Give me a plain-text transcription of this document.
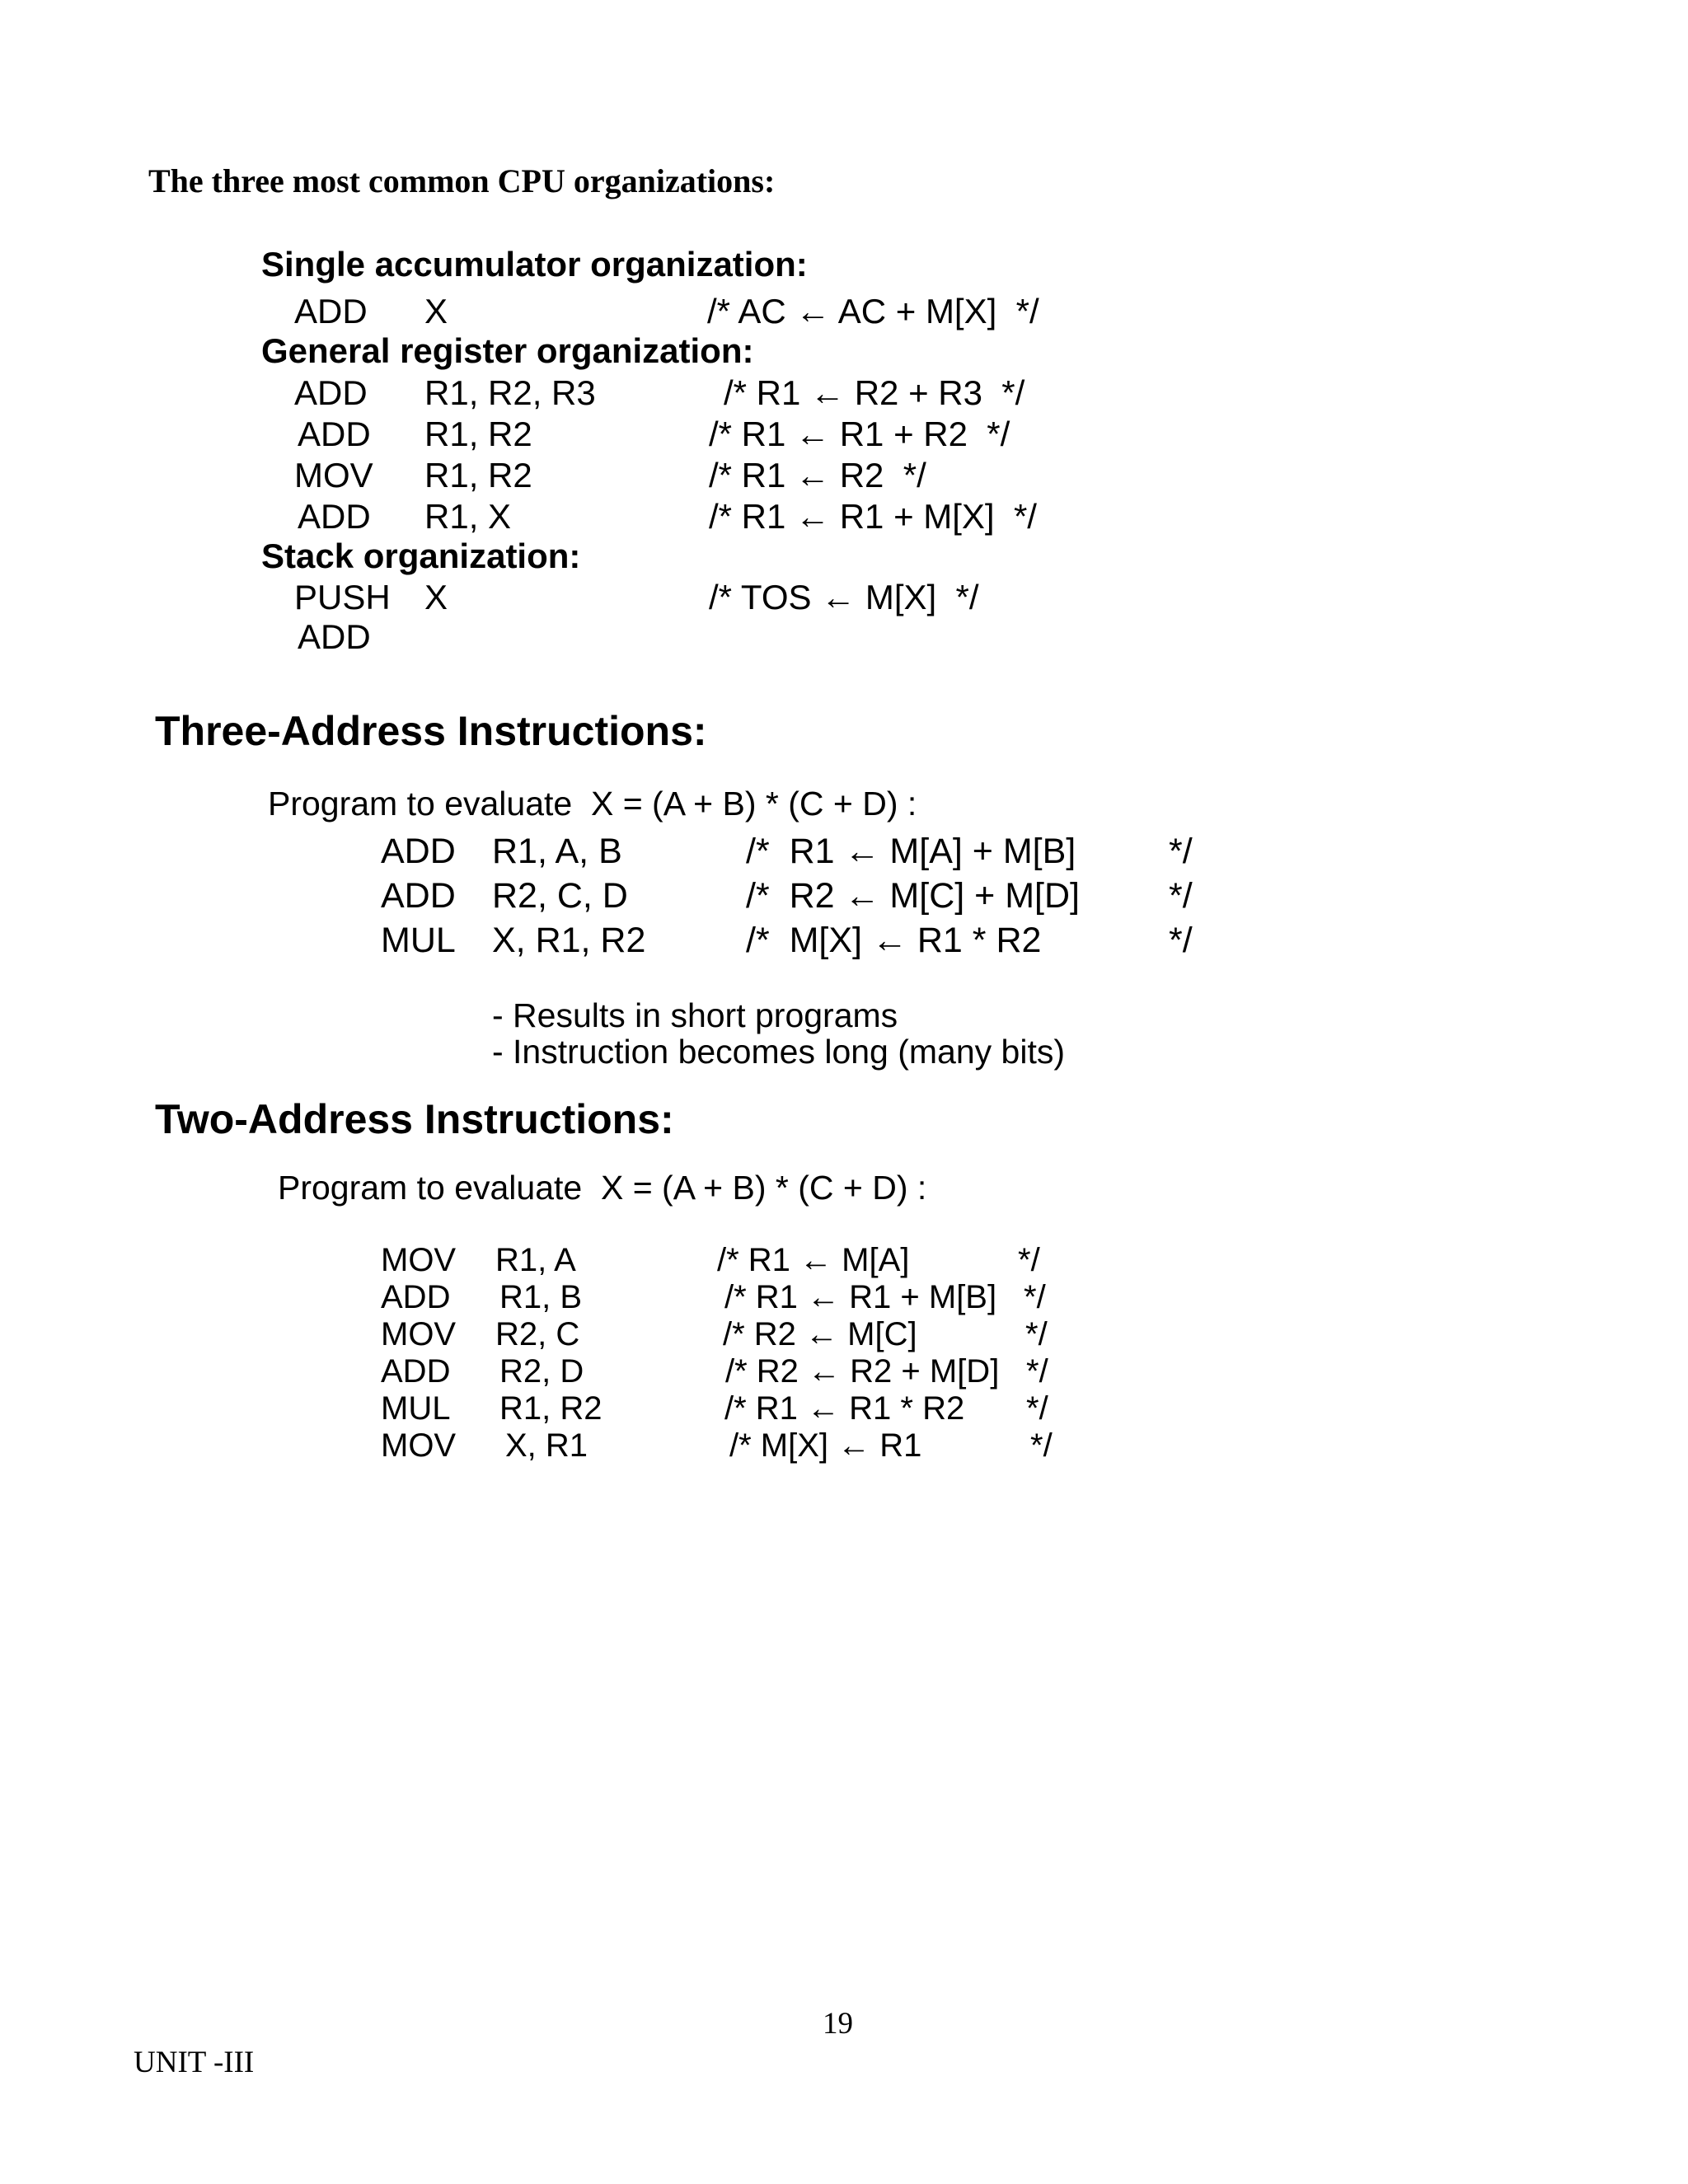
The three most common CPU organizations:
Single accumulator organization:
ADD X	/* AC ← AC + M[X]  */
General register organization:
ADD R1, R2, R3	/* R1 ← R2 + R3  */
ADD R1, R2	/* R1 ← R1 + R2  */
MOV R1, R2	/* R1 ← R2  */
ADD R1, X	/* R1 ← R1 + M[X]  */
Stack organization:
PUSH X	/* TOS ← M[X]  */
ADD
Three-Address Instructions:
Program to evaluate  X = (A + B) * (C + D) :
ADD R1, A, B	/*  R1 ← M[A] + M[B]	*/
ADD R2, C, D	/*  R2 ← M[C] + M[D]	*/
MUL X, R1, R2	/*  M[X] ← R1 * R2	*/
- Results in short programs
- Instruction becomes long (many bits)
Two-Address Instructions:
Program to evaluate  X = (A + B) * (C + D) :
MOV R1, A	/* R1 ← M[A]	*/
ADD R1, B	/* R1 ← R1 + M[B] */
MOV R2, C	/* R2 ← M[C]	*/
ADD R2, D	/* R2 ← R2 + M[D] */
MUL R1, R2	/* R1 ← R1 * R2 */
MOV X, R1	/* M[X] ← R1	*/
19
UNIT -III
